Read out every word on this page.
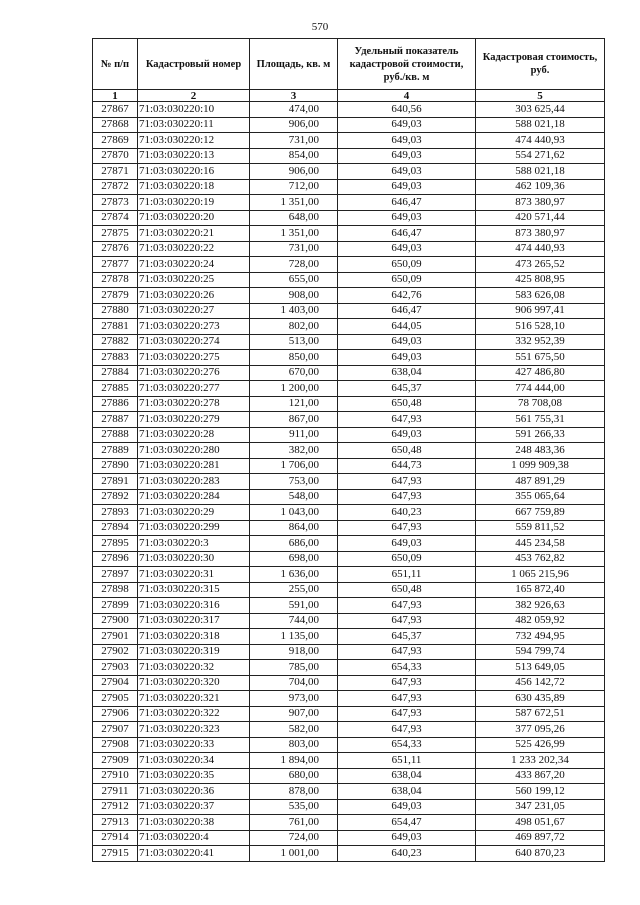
570
№ п/п	Кадастровый номер	Площадь, кв. м	Удельный показатель кадастровой стоимости, руб./кв. м	Кадастровая стоимость, руб.
1	2	3	4	5
27867	71:03:030220:10	474,00	640,56	303 625,44
27868	71:03:030220:11	906,00	649,03	588 021,18
27869	71:03:030220:12	731,00	649,03	474 440,93
27870	71:03:030220:13	854,00	649,03	554 271,62
27871	71:03:030220:16	906,00	649,03	588 021,18
27872	71:03:030220:18	712,00	649,03	462 109,36
27873	71:03:030220:19	1 351,00	646,47	873 380,97
27874	71:03:030220:20	648,00	649,03	420 571,44
27875	71:03:030220:21	1 351,00	646,47	873 380,97
27876	71:03:030220:22	731,00	649,03	474 440,93
27877	71:03:030220:24	728,00	650,09	473 265,52
27878	71:03:030220:25	655,00	650,09	425 808,95
27879	71:03:030220:26	908,00	642,76	583 626,08
27880	71:03:030220:27	1 403,00	646,47	906 997,41
27881	71:03:030220:273	802,00	644,05	516 528,10
27882	71:03:030220:274	513,00	649,03	332 952,39
27883	71:03:030220:275	850,00	649,03	551 675,50
27884	71:03:030220:276	670,00	638,04	427 486,80
27885	71:03:030220:277	1 200,00	645,37	774 444,00
27886	71:03:030220:278	121,00	650,48	78 708,08
27887	71:03:030220:279	867,00	647,93	561 755,31
27888	71:03:030220:28	911,00	649,03	591 266,33
27889	71:03:030220:280	382,00	650,48	248 483,36
27890	71:03:030220:281	1 706,00	644,73	1 099 909,38
27891	71:03:030220:283	753,00	647,93	487 891,29
27892	71:03:030220:284	548,00	647,93	355 065,64
27893	71:03:030220:29	1 043,00	640,23	667 759,89
27894	71:03:030220:299	864,00	647,93	559 811,52
27895	71:03:030220:3	686,00	649,03	445 234,58
27896	71:03:030220:30	698,00	650,09	453 762,82
27897	71:03:030220:31	1 636,00	651,11	1 065 215,96
27898	71:03:030220:315	255,00	650,48	165 872,40
27899	71:03:030220:316	591,00	647,93	382 926,63
27900	71:03:030220:317	744,00	647,93	482 059,92
27901	71:03:030220:318	1 135,00	645,37	732 494,95
27902	71:03:030220:319	918,00	647,93	594 799,74
27903	71:03:030220:32	785,00	654,33	513 649,05
27904	71:03:030220:320	704,00	647,93	456 142,72
27905	71:03:030220:321	973,00	647,93	630 435,89
27906	71:03:030220:322	907,00	647,93	587 672,51
27907	71:03:030220:323	582,00	647,93	377 095,26
27908	71:03:030220:33	803,00	654,33	525 426,99
27909	71:03:030220:34	1 894,00	651,11	1 233 202,34
27910	71:03:030220:35	680,00	638,04	433 867,20
27911	71:03:030220:36	878,00	638,04	560 199,12
27912	71:03:030220:37	535,00	649,03	347 231,05
27913	71:03:030220:38	761,00	654,47	498 051,67
27914	71:03:030220:4	724,00	649,03	469 897,72
27915	71:03:030220:41	1 001,00	640,23	640 870,23
